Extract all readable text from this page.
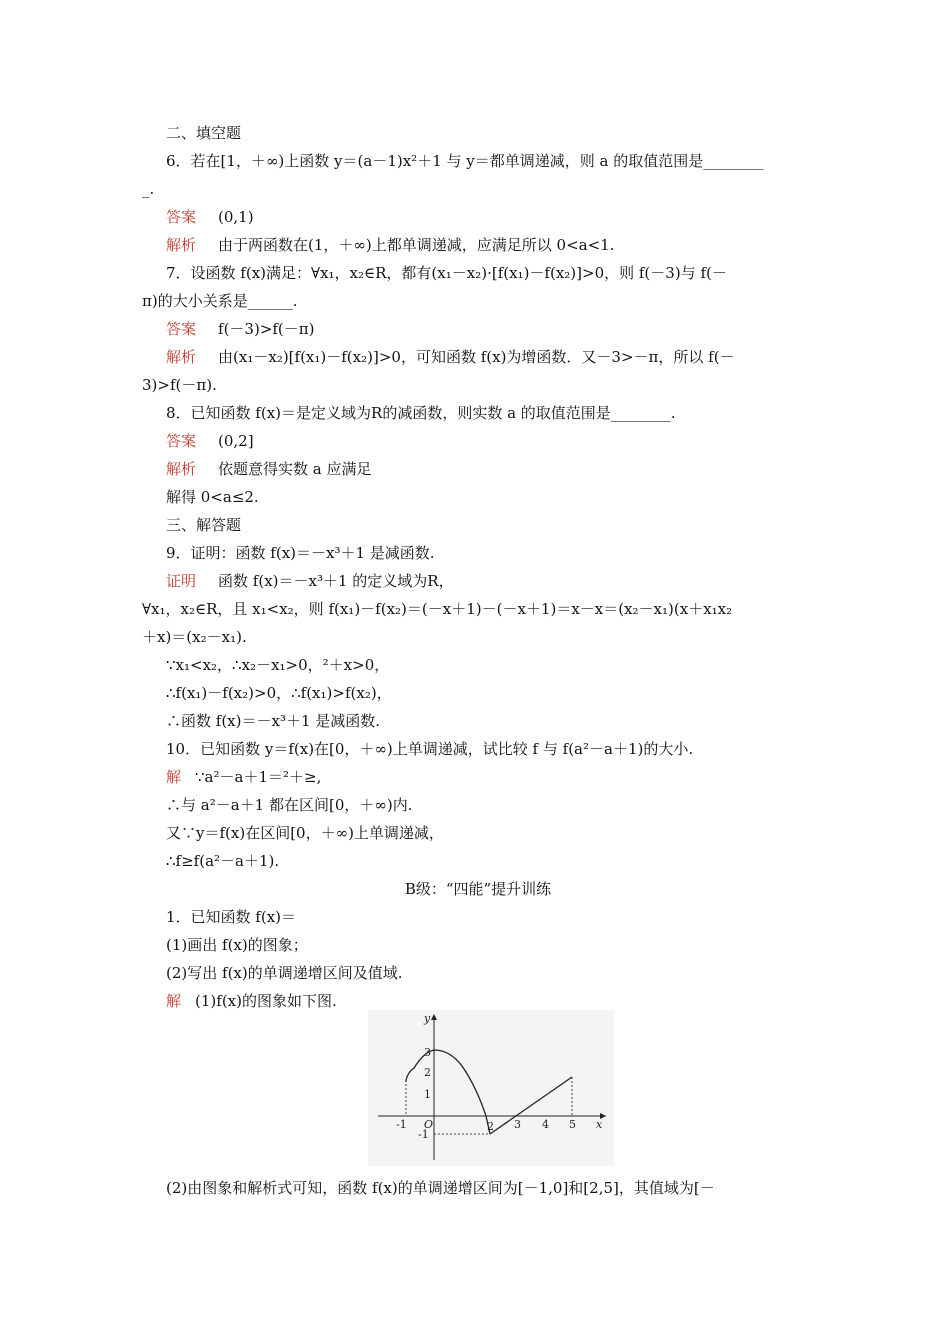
二、填空题
6．若在[1，＋∞)上函数 y＝(a－1)x²＋1 与 y＝都单调递减，则 a 的取值范围是________
_.
答案 (0,1)
解析 由于两函数在(1，＋∞)上都单调递减，应满足所以 0<a<1.
7．设函数 f(x)满足：∀x₁，x₂∈R，都有(x₁－x₂)·[f(x₁)－f(x₂)]>0，则 f(－3)与 f(－
π)的大小关系是______.
答案 f(－3)>f(－π)
解析 由(x₁－x₂)[f(x₁)－f(x₂)]>0，可知函数 f(x)为增函数．又－3>－π，所以 f(－
3)>f(－π).
8．已知函数 f(x)＝是定义域为R的减函数，则实数 a 的取值范围是________.
答案 (0,2]
解析 依题意得实数 a 应满足
解得 0<a≤2.
三、解答题
9．证明：函数 f(x)＝－x³＋1 是减函数.
证明 函数 f(x)＝－x³＋1 的定义域为R，
∀x₁，x₂∈R，且 x₁<x₂，则 f(x₁)－f(x₂)＝(－x＋1)－(－x＋1)＝x－x＝(x₂－x₁)(x＋x₁x₂
＋x)＝(x₂－x₁).
∵x₁<x₂，∴x₂－x₁>0，²＋x>0，
∴f(x₁)－f(x₂)>0，∴f(x₁)>f(x₂)，
∴函数 f(x)＝－x³＋1 是减函数.
10．已知函数 y＝f(x)在[0，＋∞)上单调递减，试比较 f 与 f(a²－a＋1)的大小.
解 ∵a²－a＋1＝²＋≥,
∴与 a²－a＋1 都在区间[0，＋∞)内.
又∵y＝f(x)在区间[0，＋∞)上单调递减，
∴f≥f(a²－a＋1).
B级：“四能”提升训练
1．已知函数 f(x)＝
(1)画出 f(x)的图象；
(2)写出 f(x)的单调递增区间及值域.
解 (1)f(x)的图象如下图.
x
y
O
-1	2 3 4 5
3
2
1
-1
(2)由图象和解析式可知，函数 f(x)的单调递增区间为[－1,0]和[2,5]，其值域为[－
